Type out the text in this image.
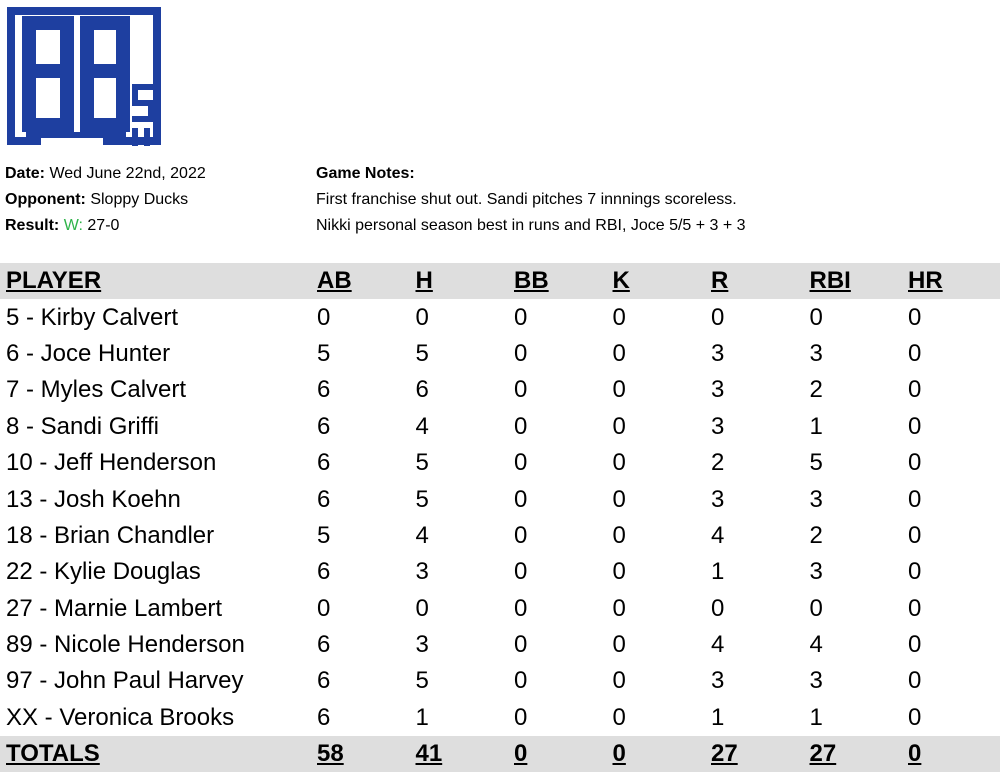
Date: Wed June 22nd, 2022
Opponent: Sloppy Ducks
Result: W: 27-0
Game Notes:
First franchise shut out. Sandi pitches 7 innnings scoreless.
Nikki personal season best in runs and RBI, Joce 5/5 + 3 + 3
PLAYER	AB	H	BB	K	R	RBI	HR
5 - Kirby Calvert	0	0	0	0	0	0	0
6 - Joce Hunter	5	5	0	0	3	3	0
7 - Myles Calvert	6	6	0	0	3	2	0
8 - Sandi Griffi	6	4	0	0	3	1	0
10 - Jeff Henderson	6	5	0	0	2	5	0
13 - Josh Koehn	6	5	0	0	3	3	0
18 - Brian Chandler	5	4	0	0	4	2	0
22 - Kylie Douglas	6	3	0	0	1	3	0
27 - Marnie Lambert	0	0	0	0	0	0	0
89 - Nicole Henderson	6	3	0	0	4	4	0
97 - John Paul Harvey	6	5	0	0	3	3	0
XX - Veronica Brooks	6	1	0	0	1	1	0
TOTALS	58	41	0	0	27	27	0
